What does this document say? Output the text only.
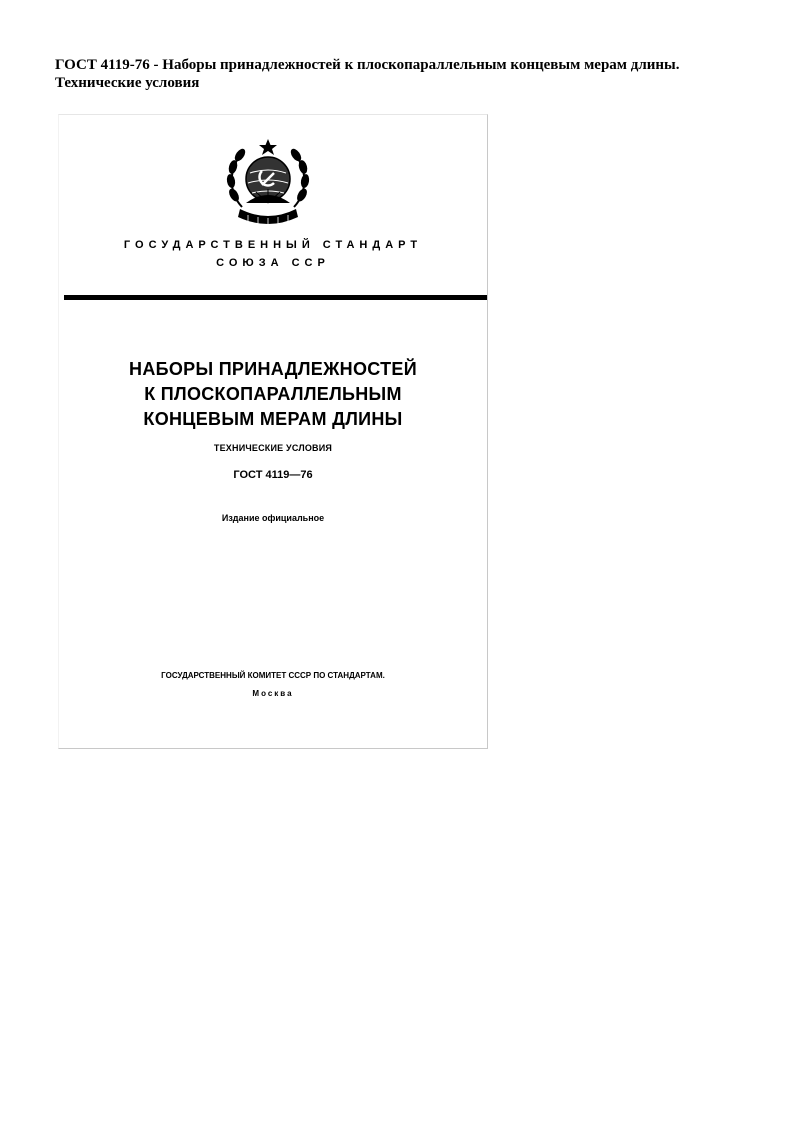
ГОСТ 4119-76 - Наборы принадлежностей к плоскопараллельным концевым мерам длины.
Технические условия
ГОСУДАРСТВЕННЫЙ СТАНДАРТ
СОЮЗА ССР
НАБОРЫ ПРИНАДЛЕЖНОСТЕЙ
К ПЛОСКОПАРАЛЛЕЛЬНЫМ
КОНЦЕВЫМ МЕРАМ ДЛИНЫ
ТЕХНИЧЕСКИЕ УСЛОВИЯ
ГОСТ 4119—76
Издание официальное
ГОСУДАРСТВЕННЫЙ КОМИТЕТ СССР ПО СТАНДАРТАМ.
Москва
